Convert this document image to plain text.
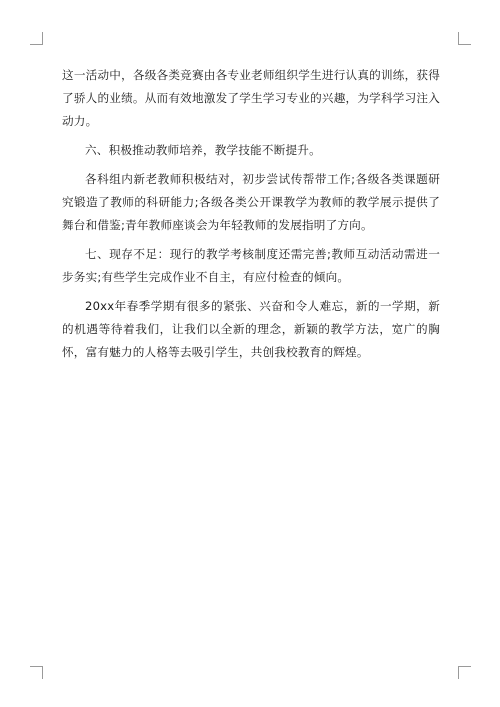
这一活动中，各级各类竞赛由各专业老师组织学生进行认真的训练，获得了骄人的业绩。从而有效地激发了学生学习专业的兴趣，为学科学习注入动力。

六、积极推动教师培养，教学技能不断提升。

各科组内新老教师积极结对，初步尝试传帮带工作;各级各类课题研究锻造了教师的科研能力;各级各类公开课教学为教师的教学展示提供了舞台和借鉴;青年教师座谈会为年轻教师的发展指明了方向。

七、现存不足：现行的教学考核制度还需完善;教师互动活动需进一步务实;有些学生完成作业不自主，有应付检查的倾向。

20xx年春季学期有很多的紧张、兴奋和令人难忘，新的一学期，新的机遇等待着我们，让我们以全新的理念，新颖的教学方法，宽广的胸怀，富有魅力的人格等去吸引学生，共创我校教育的辉煌。
